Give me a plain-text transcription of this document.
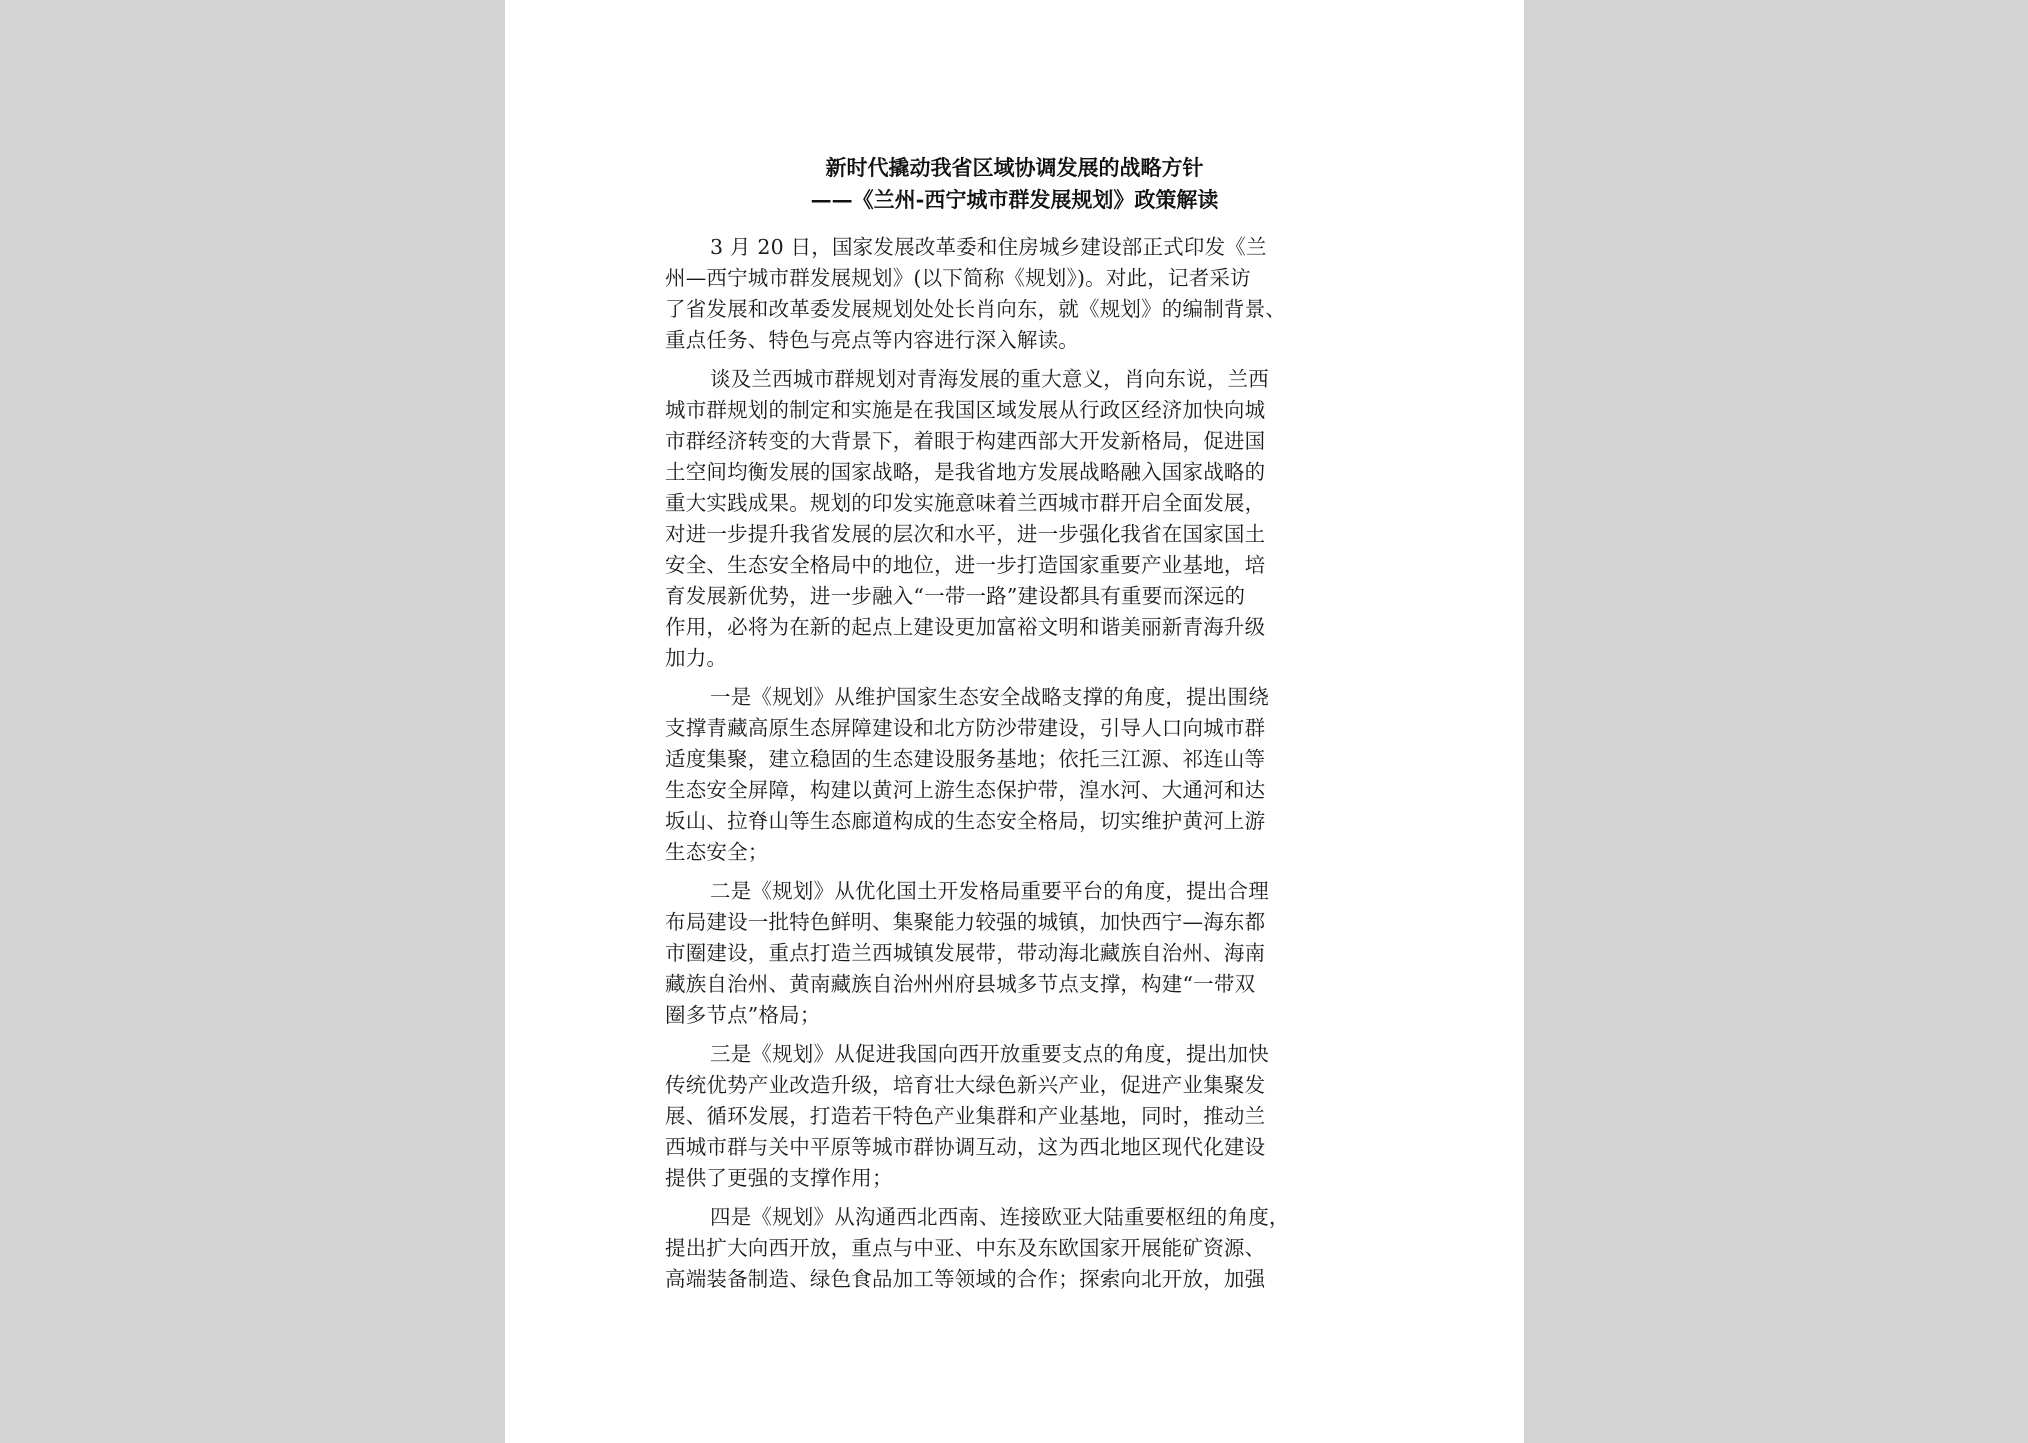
新时代撬动我省区域协调发展的战略方针
——《兰州-西宁城市群发展规划》政策解读
3 月 20 日，国家发展改革委和住房城乡建设部正式印发《兰
州—西宁城市群发展规划》(以下简称《规划》)。对此，记者采访
了省发展和改革委发展规划处处长肖向东，就《规划》的编制背景、
重点任务、特色与亮点等内容进行深入解读。
谈及兰西城市群规划对青海发展的重大意义，肖向东说，兰西
城市群规划的制定和实施是在我国区域发展从行政区经济加快向城
市群经济转变的大背景下，着眼于构建西部大开发新格局，促进国
土空间均衡发展的国家战略，是我省地方发展战略融入国家战略的
重大实践成果。规划的印发实施意味着兰西城市群开启全面发展，
对进一步提升我省发展的层次和水平，进一步强化我省在国家国土
安全、生态安全格局中的地位，进一步打造国家重要产业基地，培
育发展新优势，进一步融入“一带一路”建设都具有重要而深远的
作用，必将为在新的起点上建设更加富裕文明和谐美丽新青海升级
加力。
一是《规划》从维护国家生态安全战略支撑的角度，提出围绕
支撑青藏高原生态屏障建设和北方防沙带建设，引导人口向城市群
适度集聚，建立稳固的生态建设服务基地；依托三江源、祁连山等
生态安全屏障，构建以黄河上游生态保护带，湟水河、大通河和达
坂山、拉脊山等生态廊道构成的生态安全格局，切实维护黄河上游
生态安全；
二是《规划》从优化国土开发格局重要平台的角度，提出合理
布局建设一批特色鲜明、集聚能力较强的城镇，加快西宁—海东都
市圈建设，重点打造兰西城镇发展带，带动海北藏族自治州、海南
藏族自治州、黄南藏族自治州州府县城多节点支撑，构建“一带双
圈多节点”格局；
三是《规划》从促进我国向西开放重要支点的角度，提出加快
传统优势产业改造升级，培育壮大绿色新兴产业，促进产业集聚发
展、循环发展，打造若干特色产业集群和产业基地，同时，推动兰
西城市群与关中平原等城市群协调互动，这为西北地区现代化建设
提供了更强的支撑作用；
四是《规划》从沟通西北西南、连接欧亚大陆重要枢纽的角度，
提出扩大向西开放，重点与中亚、中东及东欧国家开展能矿资源、
高端装备制造、绿色食品加工等领域的合作；探索向北开放，加强
